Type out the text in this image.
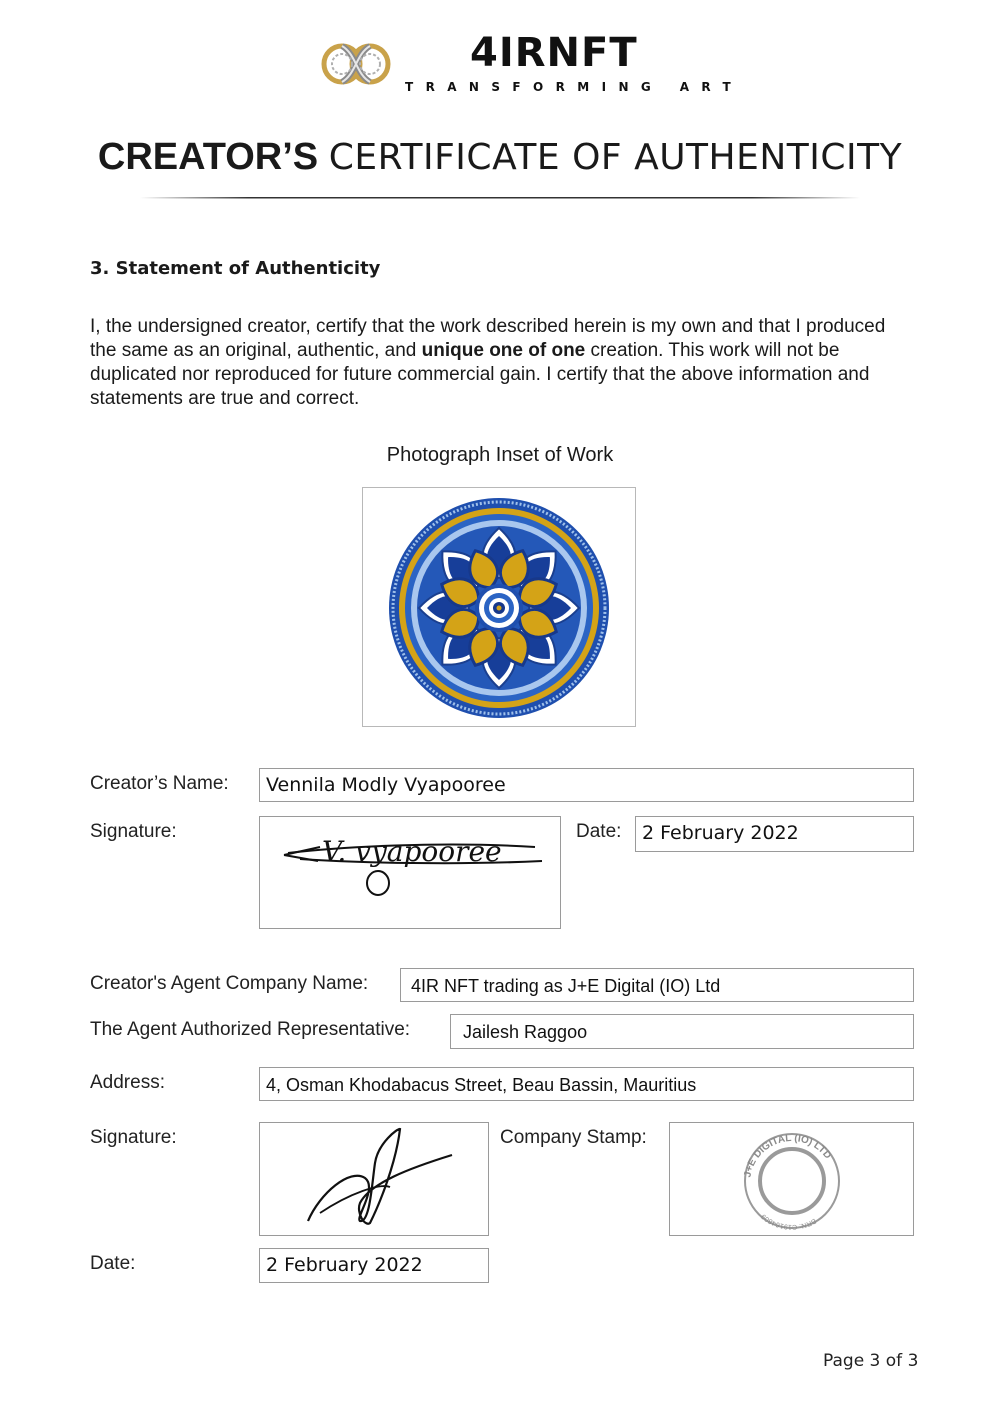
4IRNFT
TRANSFORMING ART
CREATOR’S CERTIFICATE OF AUTHENTICITY
3. Statement of Authenticity
I, the undersigned creator, certify that the work described herein is my own and that I produced the same as an original, authentic, and unique one of one creation. This work will not be duplicated nor reproduced for future commercial gain. I certify that the above information and statements are true and correct.
Photograph Inset of Work
Creator’s Name: Vennila Modly Vyapooree
Signature:
V. vyapooree
Date: 2 February 2022
Creator's Agent Company Name: 4IR NFT trading as J+E Digital (IO) Ltd
The Agent Authorized Representative:	Jailesh Raggoo
Address:	4, Osman Khodabacus Street, Beau Bassin, Mauritius
Signature:	Company Stamp:
J+E DIGITAL (IO) LTD
BRN: C19164809
Date:	2 February 2022
Page 3 of 3
